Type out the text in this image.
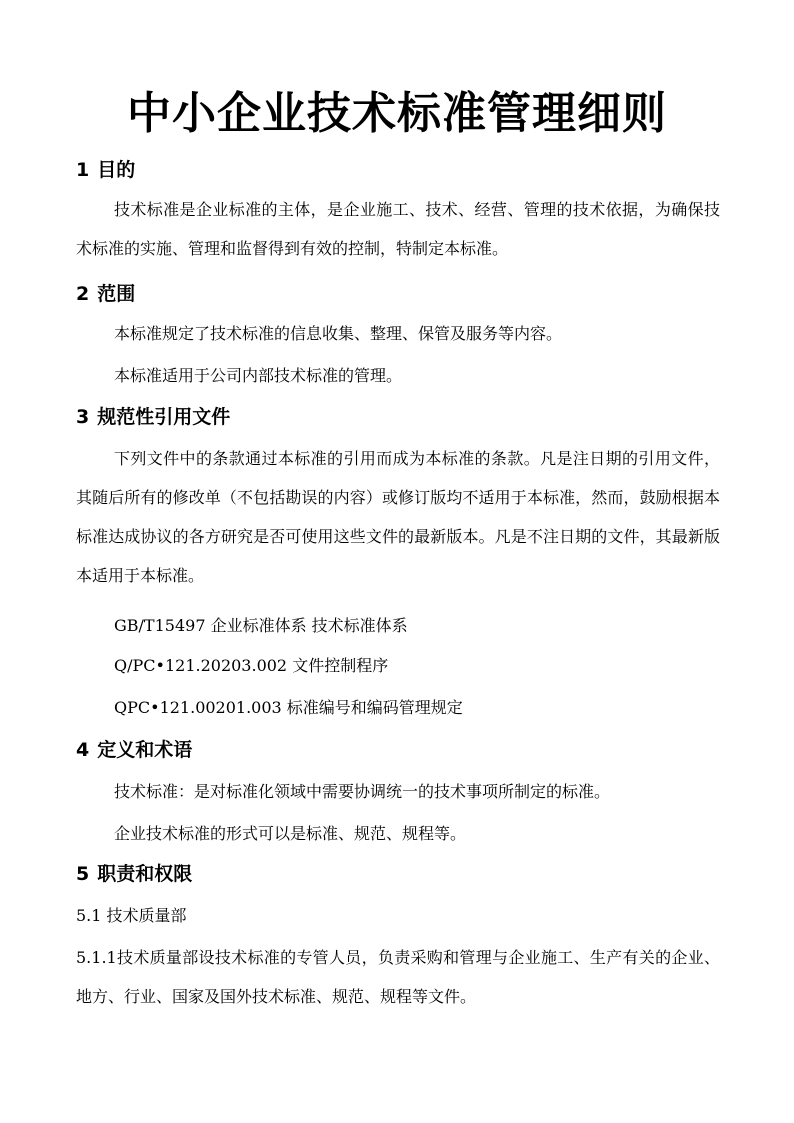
中小企业技术标准管理细则
1 目的

技术标准是企业标准的主体，是企业施工、技术、经营、管理的技术依据，为确保技术标准的实施、管理和监督得到有效的控制，特制定本标准。

2 范围

本标准规定了技术标准的信息收集、整理、保管及服务等内容。

本标准适用于公司内部技术标准的管理。

3 规范性引用文件

下列文件中的条款通过本标准的引用而成为本标准的条款。凡是注日期的引用文件，其随后所有的修改单（不包括勘误的内容）或修订版均不适用于本标准，然而，鼓励根据本标准达成协议的各方研究是否可使用这些文件的最新版本。凡是不注日期的文件，其最新版本适用于本标准。

GB/T15497 企业标准体系 技术标准体系
Q/PC•121.20203.002 文件控制程序
QPC•121.00201.003 标准编号和编码管理规定
4 定义和术语

技术标准：是对标准化领域中需要协调统一的技术事项所制定的标准。

企业技术标准的形式可以是标准、规范、规程等。

5 职责和权限
5.1 技术质量部

5.1.1技术质量部设技术标准的专管人员，负责采购和管理与企业施工、生产有关的企业、地方、行业、国家及国外技术标准、规范、规程等文件。
